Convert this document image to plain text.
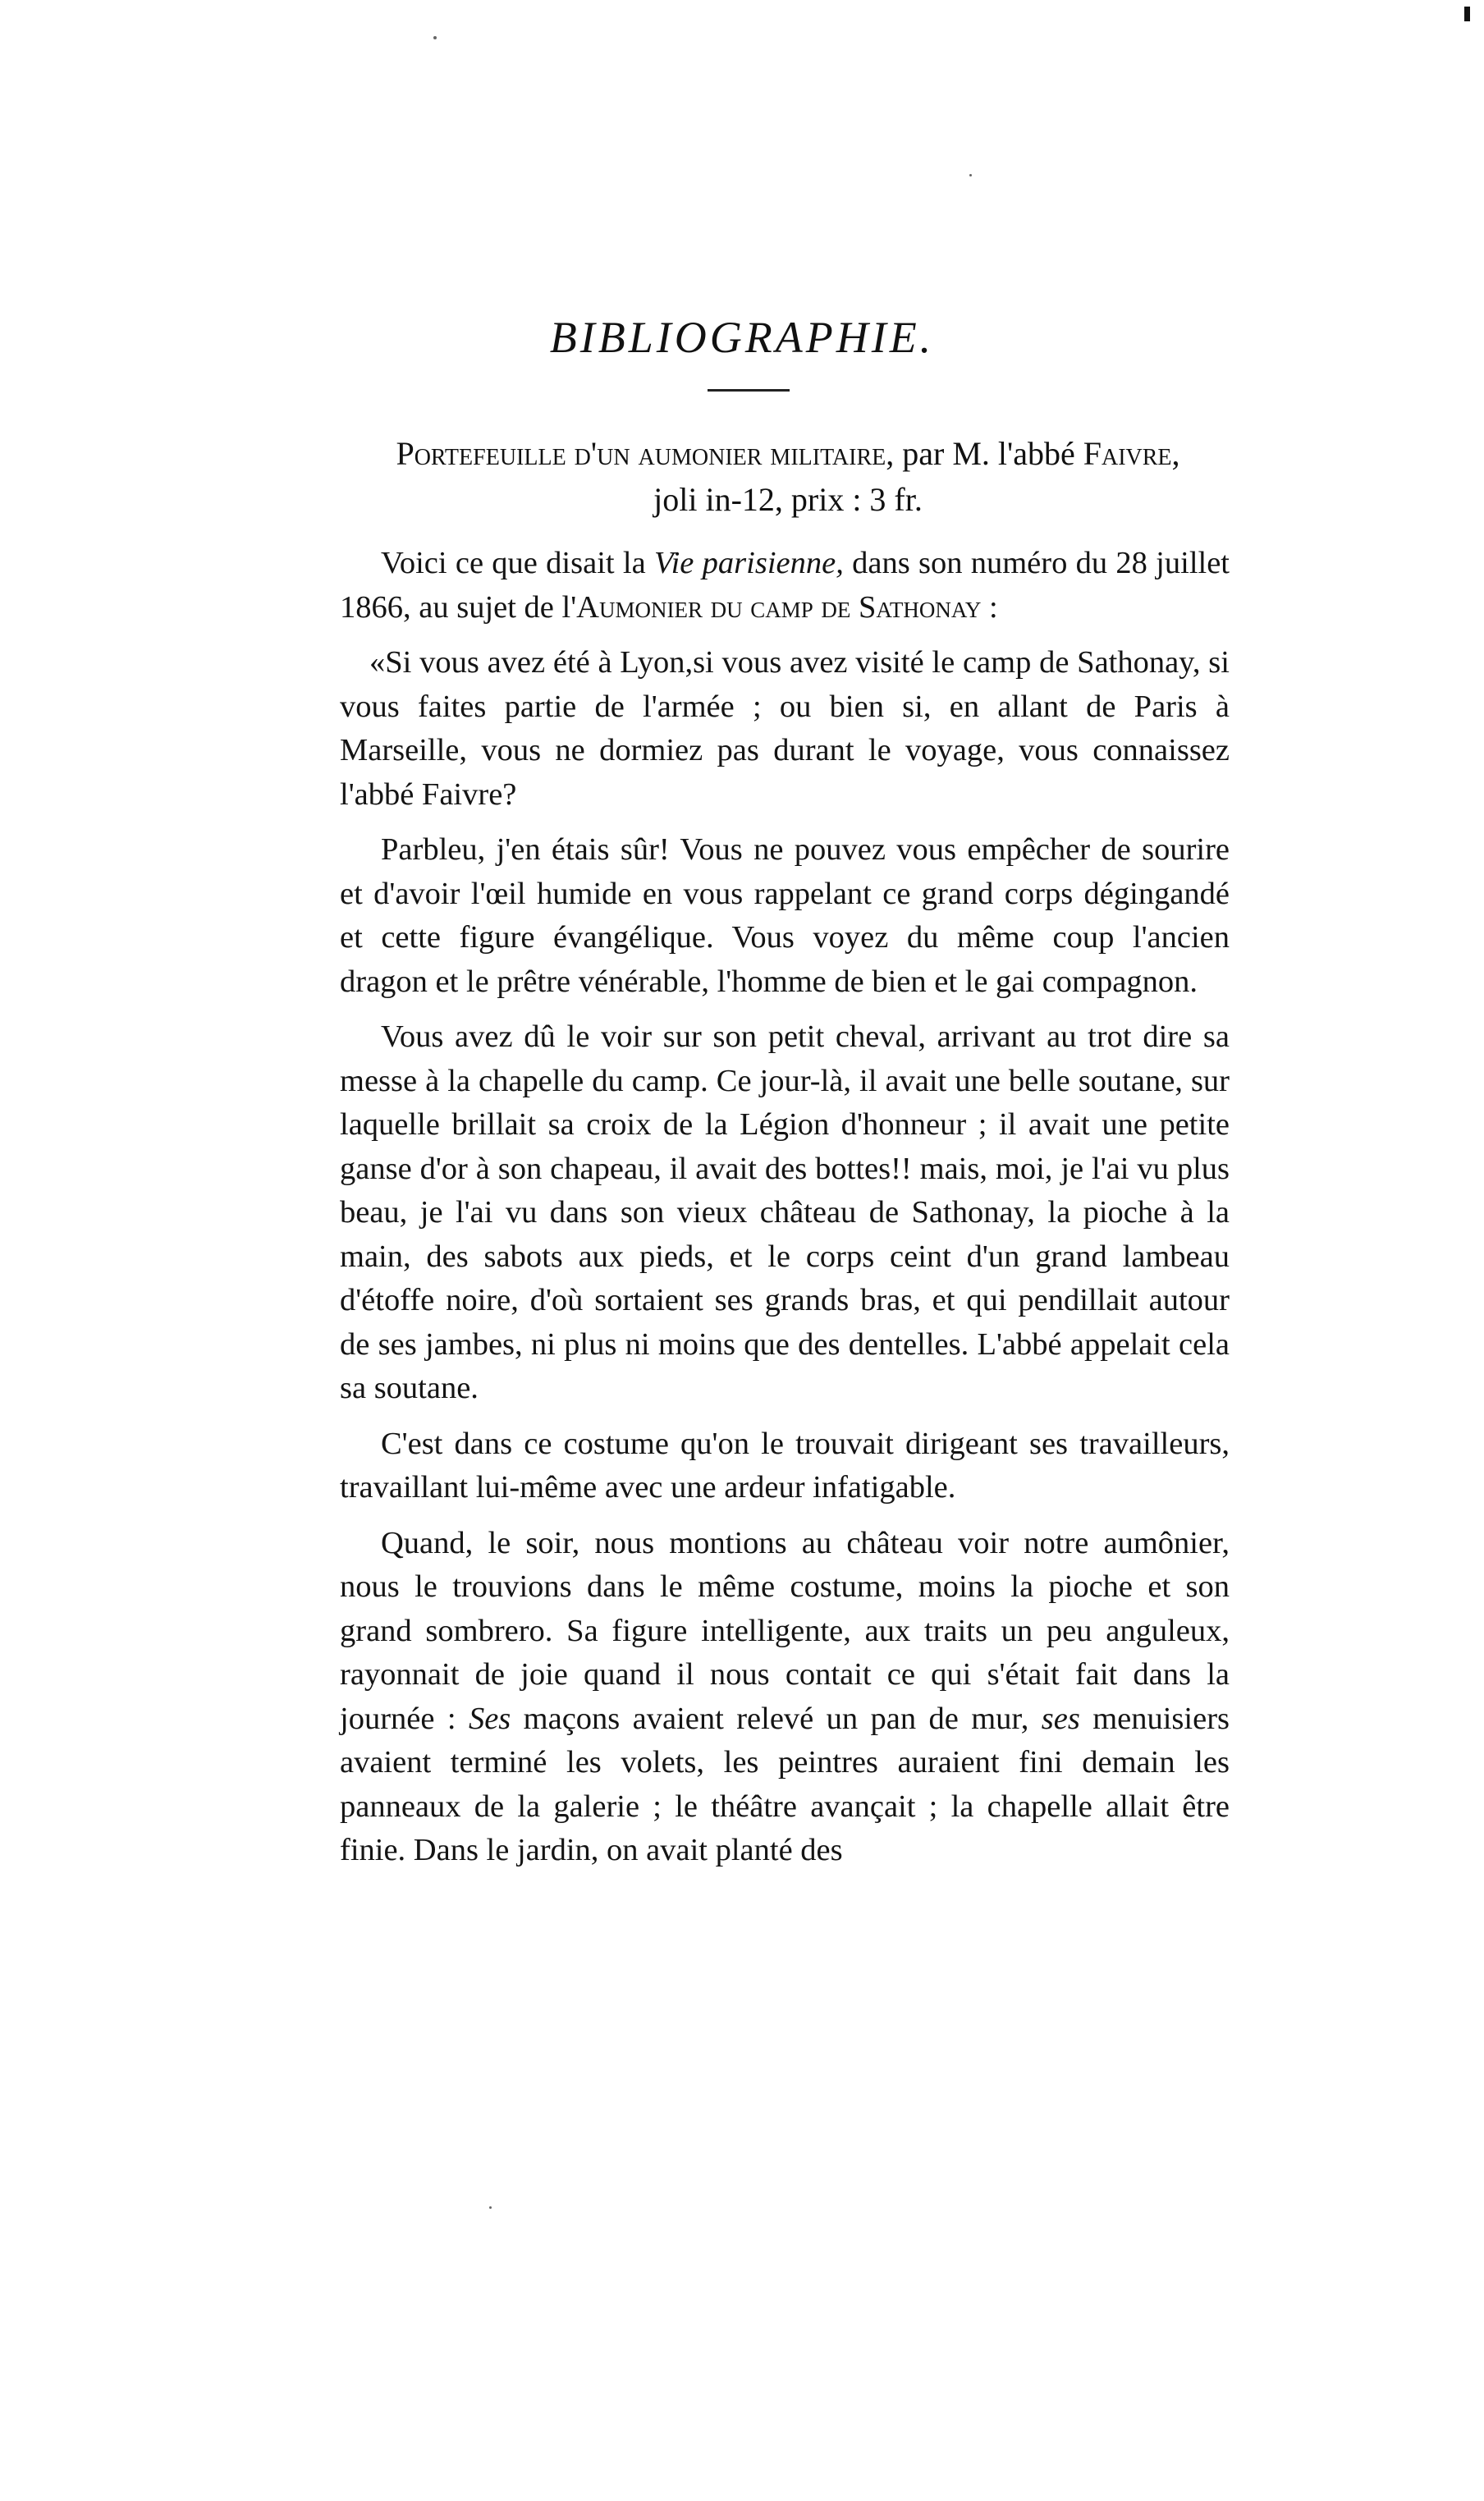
BIBLIOGRAPHIE.
Portefeuille d'un aumonier militaire, par M. l'abbé Faivre,
joli in-12, prix : 3 fr.

Voici ce que disait la Vie parisienne, dans son numéro du 28 juillet 1866, au sujet de l'Aumonier du camp de Sathonay :

«Si vous avez été à Lyon,si vous avez visité le camp de Sathonay, si vous faites partie de l'armée ; ou bien si, en allant de Paris à Marseille, vous ne dormiez pas durant le voyage, vous connaissez l'abbé Faivre?

Parbleu, j'en étais sûr! Vous ne pouvez vous empêcher de sourire et d'avoir l'œil humide en vous rappelant ce grand corps dégingandé et cette figure évangélique. Vous voyez du même coup l'ancien dragon et le prêtre vénérable, l'homme de bien et le gai compagnon.

Vous avez dû le voir sur son petit cheval, arrivant au trot dire sa messe à la chapelle du camp. Ce jour-là, il avait une belle soutane, sur laquelle brillait sa croix de la Légion d'honneur ; il avait une petite ganse d'or à son chapeau, il avait des bottes!! mais, moi, je l'ai vu plus beau, je l'ai vu dans son vieux château de Sathonay, la pioche à la main, des sabots aux pieds, et le corps ceint d'un grand lambeau d'étoffe noire, d'où sortaient ses grands bras, et qui pendillait autour de ses jambes, ni plus ni moins que des dentelles. L'abbé appelait cela sa soutane.

C'est dans ce costume qu'on le trouvait dirigeant ses travailleurs, travaillant lui-même avec une ardeur infatigable.

Quand, le soir, nous montions au château voir notre aumônier, nous le trouvions dans le même costume, moins la pioche et son grand sombrero. Sa figure intelligente, aux traits un peu anguleux, rayonnait de joie quand il nous contait ce qui s'était fait dans la journée : Ses maçons avaient relevé un pan de mur, ses menuisiers avaient terminé les volets, les peintres auraient fini demain les panneaux de la galerie ; le théâtre avançait ; la chapelle allait être finie. Dans le jardin, on avait planté des
